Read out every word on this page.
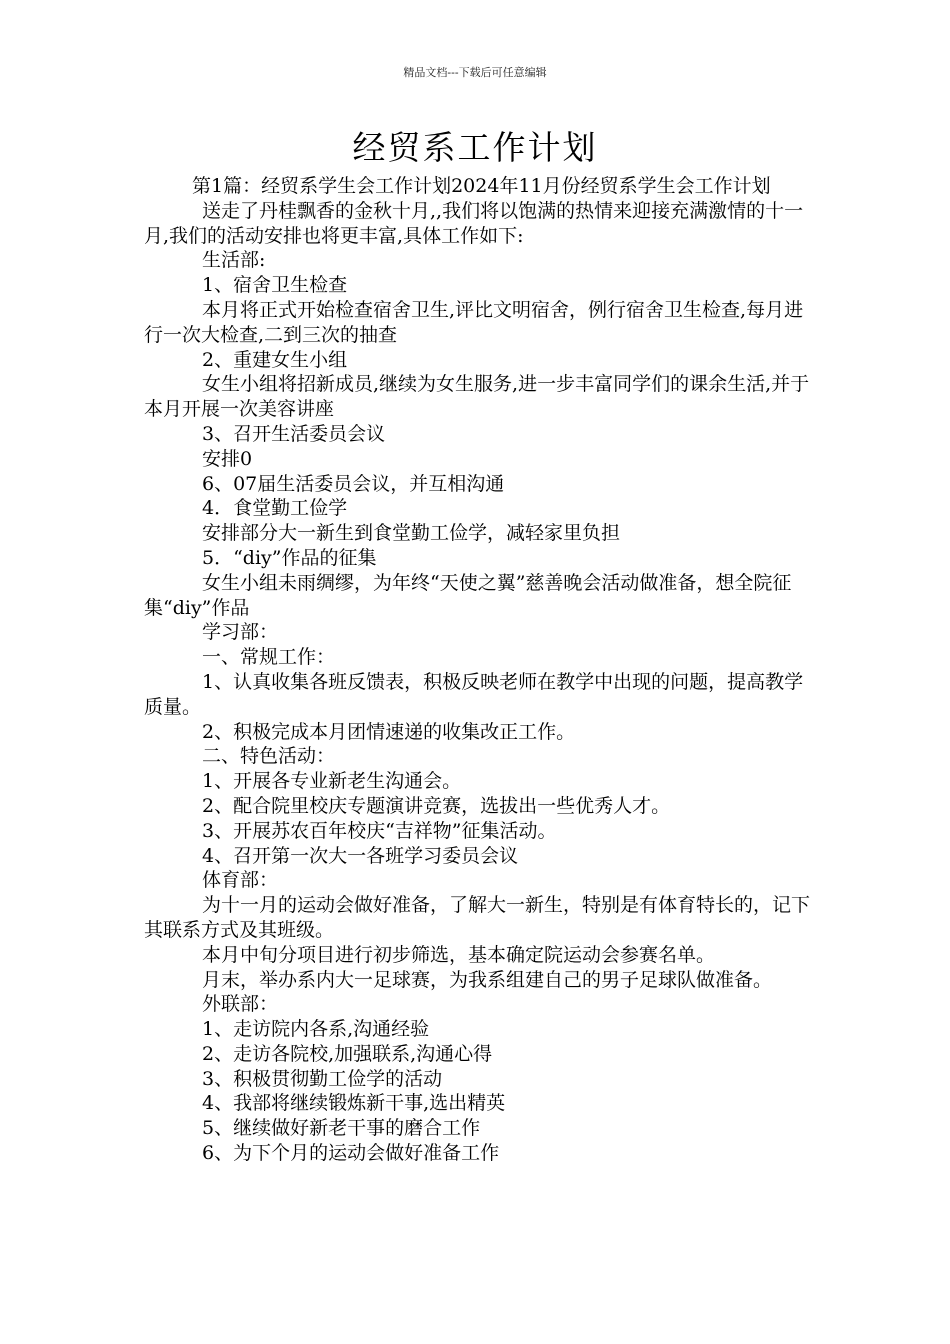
精品文档---下载后可任意编辑
经贸系工作计划

第1篇：经贸系学生会工作计划2024年11月份经贸系学生会工作计划

送走了丹桂飘香的金秋十月,,我们将以饱满的热情来迎接充满激情的十一月,我们的活动安排也将更丰富,具体工作如下:

生活部:

1、宿舍卫生检查

本月将正式开始检查宿舍卫生,评比文明宿舍，例行宿舍卫生检查,每月进行一次大检查,二到三次的抽查

2、重建女生小组

女生小组将招新成员,继续为女生服务,进一步丰富同学们的课余生活,并于本月开展一次美容讲座

3、召开生活委员会议

安排0

6、07届生活委员会议，并互相沟通

4．食堂勤工俭学

安排部分大一新生到食堂勤工俭学，减轻家里负担

5．“diy”作品的征集

女生小组未雨绸缪，为年终“天使之翼”慈善晚会活动做准备，想全院征集“diy”作品

学习部：

一、常规工作：

1、认真收集各班反馈表，积极反映老师在教学中出现的问题，提高教学质量。

2、积极完成本月团情速递的收集改正工作。

二、特色活动：

1、开展各专业新老生沟通会。

2、配合院里校庆专题演讲竞赛，选拔出一些优秀人才。

3、开展苏农百年校庆“吉祥物”征集活动。

4、召开第一次大一各班学习委员会议

体育部：

为十一月的运动会做好准备，了解大一新生，特别是有体育特长的，记下其联系方式及其班级。

本月中旬分项目进行初步筛选，基本确定院运动会参赛名单。

月末，举办系内大一足球赛，为我系组建自己的男子足球队做准备。

外联部：

1、走访院内各系,沟通经验

2、走访各院校,加强联系,沟通心得

3、积极贯彻勤工俭学的活动

4、我部将继续锻炼新干事,选出精英

5、继续做好新老干事的磨合工作

6、为下个月的运动会做好准备工作
